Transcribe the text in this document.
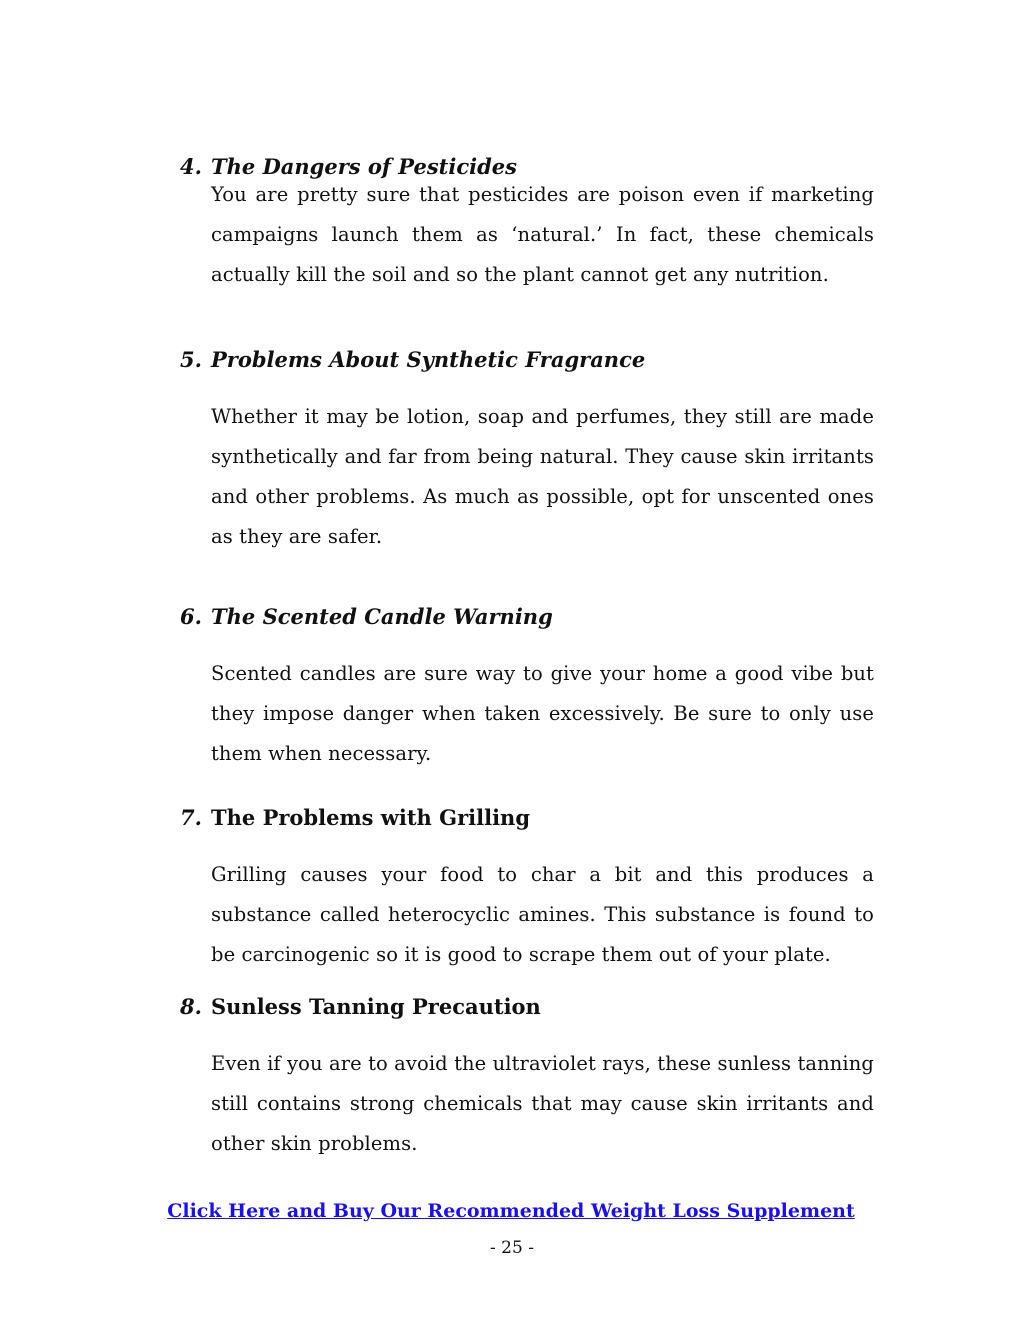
4. The Dangers of Pesticides

You are pretty sure that pesticides are poison even if marketing campaigns launch them as ‘natural.’ In fact, these chemicals actually kill the soil and so the plant cannot get any nutrition.

5. Problems About Synthetic Fragrance

Whether it may be lotion, soap and perfumes, they still are made synthetically and far from being natural. They cause skin irritants and other problems. As much as possible, opt for unscented ones as they are safer.

6. The Scented Candle Warning

Scented candles are sure way to give your home a good vibe but they impose danger when taken excessively. Be sure to only use them when necessary.

7. The Problems with Grilling

Grilling causes your food to char a bit and this produces a substance called heterocyclic amines. This substance is found to be carcinogenic so it is good to scrape them out of your plate.

8. Sunless Tanning Precaution

Even if you are to avoid the ultraviolet rays, these sunless tanning still contains strong chemicals that may cause skin irritants and other skin problems.

Click Here and Buy Our Recommended Weight Loss Supplement
- 25 -
